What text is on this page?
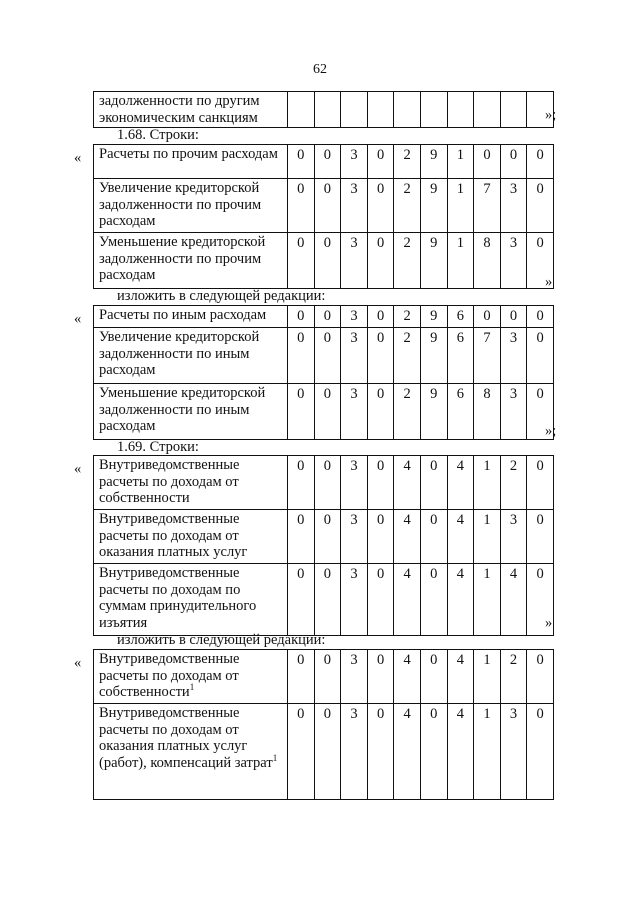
62
задолженности по другим экономическим санкциям											»;
1.68. Строки:
« Расчеты по прочим расходам	0	0	3	0	2	9	1	0	0	0
Увеличение кредиторской задолженности по прочим расходам	0	0	3	0	2	9	1	7	3	0
Уменьшение кредиторской задолженности по прочим расходам	0	0	3	0	2	9	1	8	3	0
»
изложить в следующей редакции:
« Расчеты по иным расходам	0	0	3	0	2	9	6	0	0	0
Увеличение кредиторской задолженности по иным расходам	0	0	3	0	2	9	6	7	3	0
Уменьшение кредиторской задолженности по иным расходам	0	0	3	0	2	9	6	8	3	0
»;
1.69. Строки:
« Внутриведомственные расчеты по доходам от собственности	0	0	3	0	4	0	4	1	2	0
Внутриведомственные расчеты по доходам от оказания платных услуг	0	0	3	0	4	0	4	1	3	0
Внутриведомственные расчеты по доходам по суммам принудительного изъятия	0	0	3	0	4	0	4	1	4	0
»
изложить в следующей редакции:
« Внутриведомственные расчеты по доходам от собственности$^1$	0	0	3	0	4	0	4	1	2	0
Внутриведомственные расчеты по доходам от оказания платных услуг (работ), компенсаций затрат$^1$	0	0	3	0	4	0	4	1	3	0
